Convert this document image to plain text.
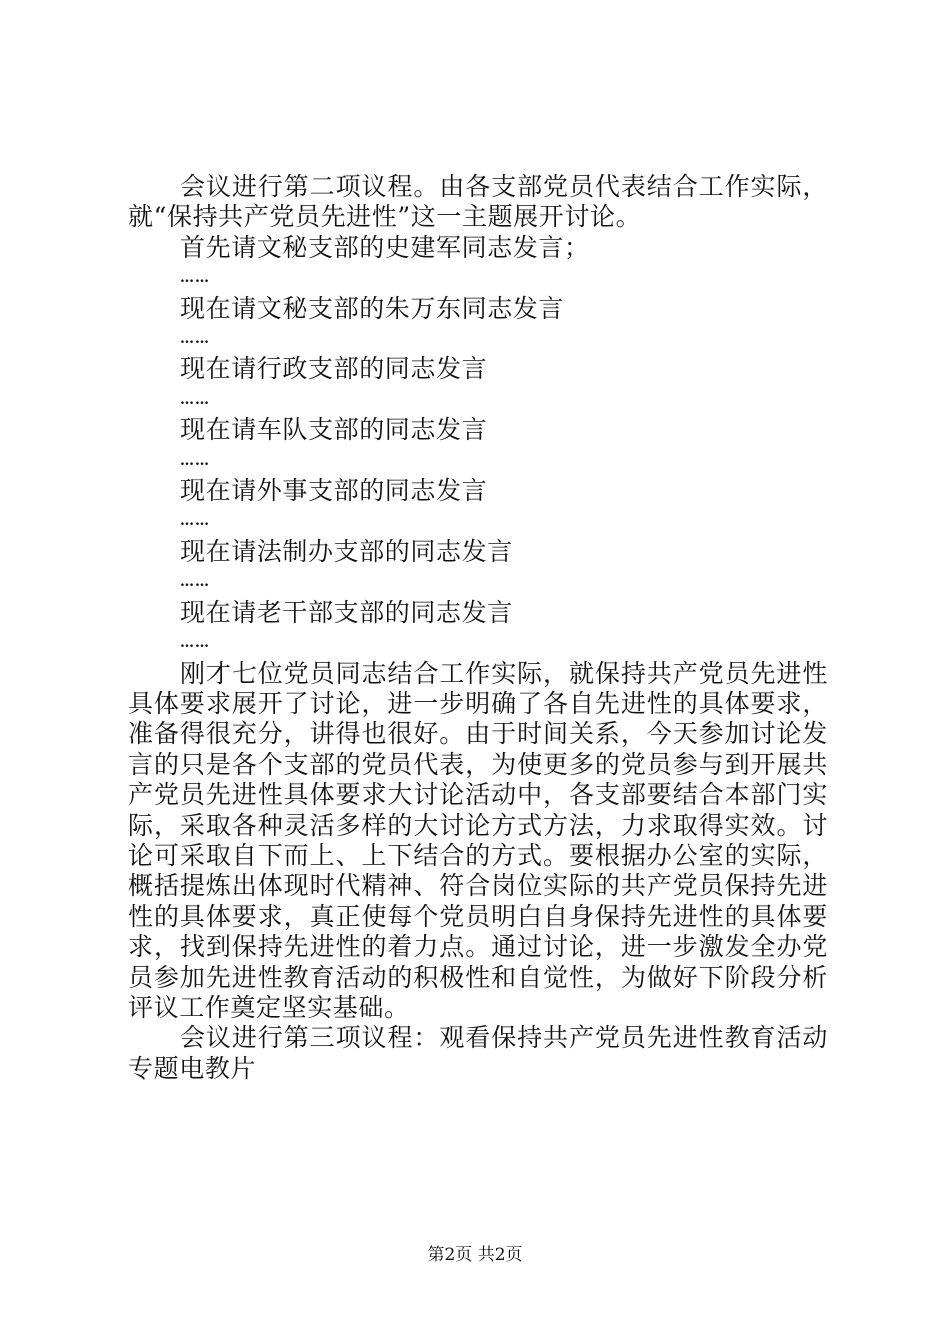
会议进行第二项议程。由各支部党员代表结合工作实际，就“保持共产党员先进性”这一主题展开讨论。

首先请文秘支部的史建军同志发言；

……

现在请文秘支部的朱万东同志发言

……

现在请行政支部的同志发言

……

现在请车队支部的同志发言

……

现在请外事支部的同志发言

……

现在请法制办支部的同志发言

……

现在请老干部支部的同志发言

……

刚才七位党员同志结合工作实际，就保持共产党员先进性具体要求展开了讨论，进一步明确了各自先进性的具体要求，准备得很充分，讲得也很好。由于时间关系，今天参加讨论发言的只是各个支部的党员代表，为使更多的党员参与到开展共产党员先进性具体要求大讨论活动中，各支部要结合本部门实际，采取各种灵活多样的大讨论方式方法，力求取得实效。讨论可采取自下而上、上下结合的方式。要根据办公室的实际，概括提炼出体现时代精神、符合岗位实际的共产党员保持先进性的具体要求，真正使每个党员明白自身保持先进性的具体要求，找到保持先进性的着力点。通过讨论，进一步激发全办党员参加先进性教育活动的积极性和自觉性，为做好下阶段分析评议工作奠定坚实基础。

会议进行第三项议程：观看保持共产党员先进性教育活动专题电教片

第2页 共2页
